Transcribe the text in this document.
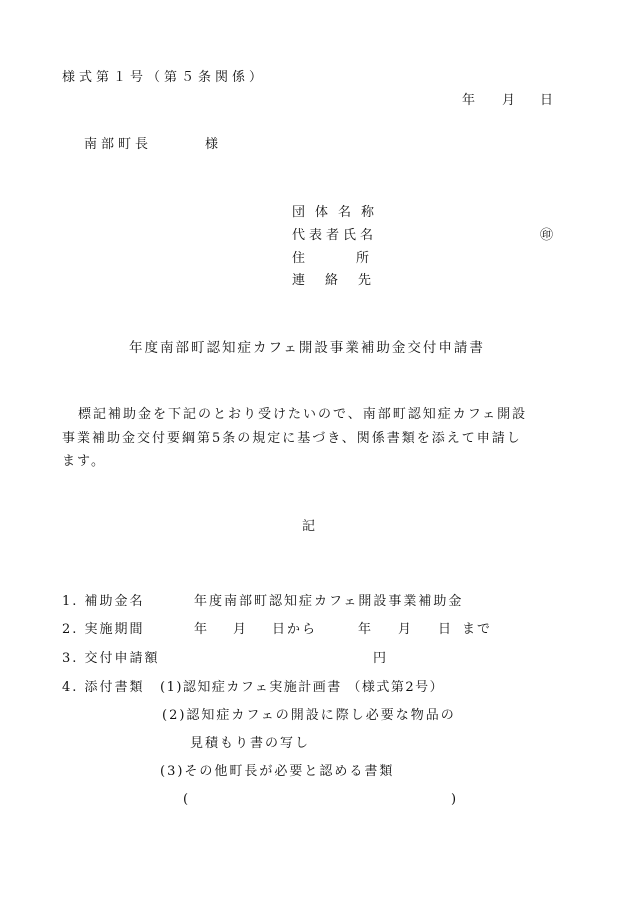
様式第１号（第５条関係）
年 月 日
南部町長	様
団体名称
代表者氏名	㊞
住所
連絡先
年度南部町認知症カフェ開設事業補助金交付申請書
標記補助金を下記のとおり受けたいので、南部町認知症カフェ開設
事業補助金交付要綱第5条の規定に基づき、関係書類を添えて申請し
ます。
記
1. 補助金名	年度南部町認知症カフェ開設事業補助金
2. 実施期間	年 月 日から	年 月 日 まで
3. 交付申請額	円
4. 添付書類 (1)認知症カフェ実施計画書 （様式第2号）
(2)認知症カフェの開設に際し必要な物品の
見積もり書の写し
(3)その他町長が必要と認める書類
(	)
